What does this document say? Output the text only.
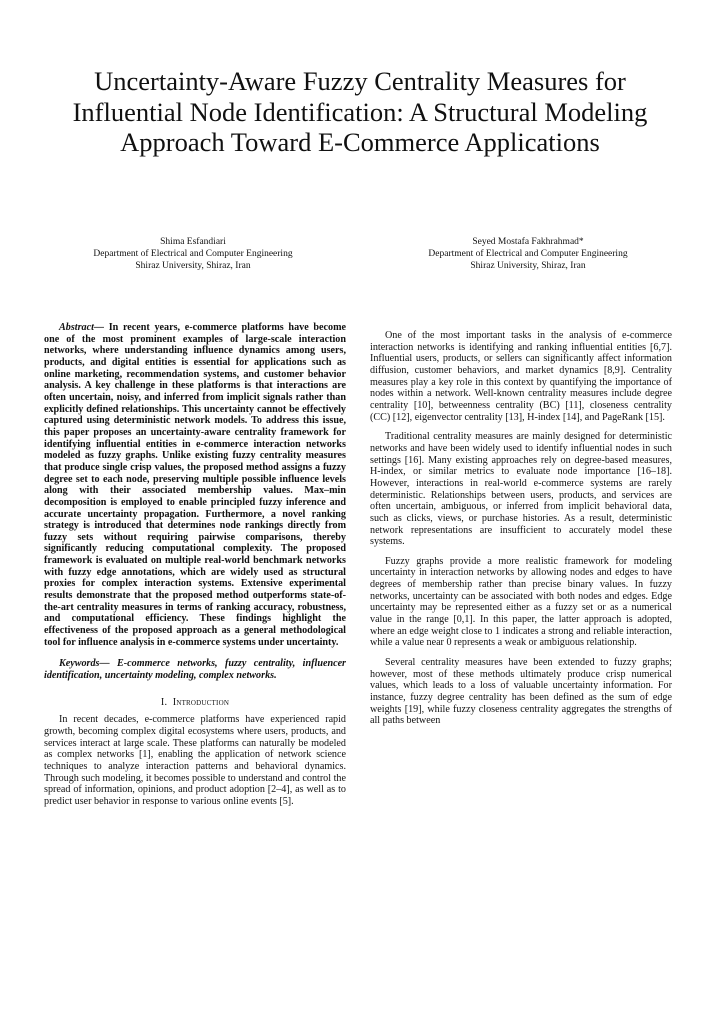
Uncertainty-Aware Fuzzy Centrality Measures for Influential Node Identification: A Structural Modeling Approach Toward E-Commerce Applications
Shima Esfandiari
Department of Electrical and Computer Engineering
Shiraz University, Shiraz, Iran
Seyed Mostafa Fakhrahmad*
Department of Electrical and Computer Engineering
Shiraz University, Shiraz, Iran

Abstract— In recent years, e-commerce platforms have become one of the most prominent examples of large-scale interaction networks, where understanding influence dynamics among users, products, and digital entities is essential for applications such as online marketing, recommendation systems, and customer behavior analysis. A key challenge in these platforms is that interactions are often uncertain, noisy, and inferred from implicit signals rather than explicitly defined relationships. This uncertainty cannot be effectively captured using deterministic network models. To address this issue, this paper proposes an uncertainty-aware centrality framework for identifying influential entities in e-commerce interaction networks modeled as fuzzy graphs. Unlike existing fuzzy centrality measures that produce single crisp values, the proposed method assigns a fuzzy degree set to each node, preserving multiple possible influence levels along with their associated membership values. Max–min decomposition is employed to enable principled fuzzy inference and accurate uncertainty propagation. Furthermore, a novel ranking strategy is introduced that determines node rankings directly from fuzzy sets without requiring pairwise comparisons, thereby significantly reducing computational complexity. The proposed framework is evaluated on multiple real-world benchmark networks with fuzzy edge annotations, which are widely used as structural proxies for complex interaction systems. Extensive experimental results demonstrate that the proposed method outperforms state-of-the-art centrality measures in terms of ranking accuracy, robustness, and computational efficiency. These findings highlight the effectiveness of the proposed approach as a general methodological tool for influence analysis in e-commerce systems under uncertainty.

Keywords— E-commerce networks, fuzzy centrality, influencer identification, uncertainty modeling, complex networks.

I. Introduction

In recent decades, e-commerce platforms have experienced rapid growth, becoming complex digital ecosystems where users, products, and services interact at large scale. These platforms can naturally be modeled as complex networks [1], enabling the application of network science techniques to analyze interaction patterns and behavioral dynamics. Through such modeling, it becomes possible to understand and control the spread of information, opinions, and product adoption [2–4], as well as to predict user behavior in response to various online events [5].

One of the most important tasks in the analysis of e-commerce interaction networks is identifying and ranking influential entities [6,7]. Influential users, products, or sellers can significantly affect information diffusion, customer behaviors, and market dynamics [8,9]. Centrality measures play a key role in this context by quantifying the importance of nodes within a network. Well-known centrality measures include degree centrality [10], betweenness centrality (BC) [11], closeness centrality (CC) [12], eigenvector centrality [13], H-index [14], and PageRank [15].

Traditional centrality measures are mainly designed for deterministic networks and have been widely used to identify influential nodes in such settings [16]. Many existing approaches rely on degree-based measures, H-index, or similar metrics to evaluate node importance [16–18]. However, interactions in real-world e-commerce systems are rarely deterministic. Relationships between users, products, and services are often uncertain, ambiguous, or inferred from implicit behavioral data, such as clicks, views, or purchase histories. As a result, deterministic network representations are insufficient to accurately model these systems.

Fuzzy graphs provide a more realistic framework for modeling uncertainty in interaction networks by allowing nodes and edges to have degrees of membership rather than precise binary values. In fuzzy networks, uncertainty can be associated with both nodes and edges. Edge uncertainty may be represented either as a fuzzy set or as a numerical value in the range [0,1]. In this paper, the latter approach is adopted, where an edge weight close to 1 indicates a strong and reliable interaction, while a value near 0 represents a weak or ambiguous relationship.

Several centrality measures have been extended to fuzzy graphs; however, most of these methods ultimately produce crisp numerical values, which leads to a loss of valuable uncertainty information. For instance, fuzzy degree centrality has been defined as the sum of edge weights [19], while fuzzy closeness centrality aggregates the strengths of all paths between
